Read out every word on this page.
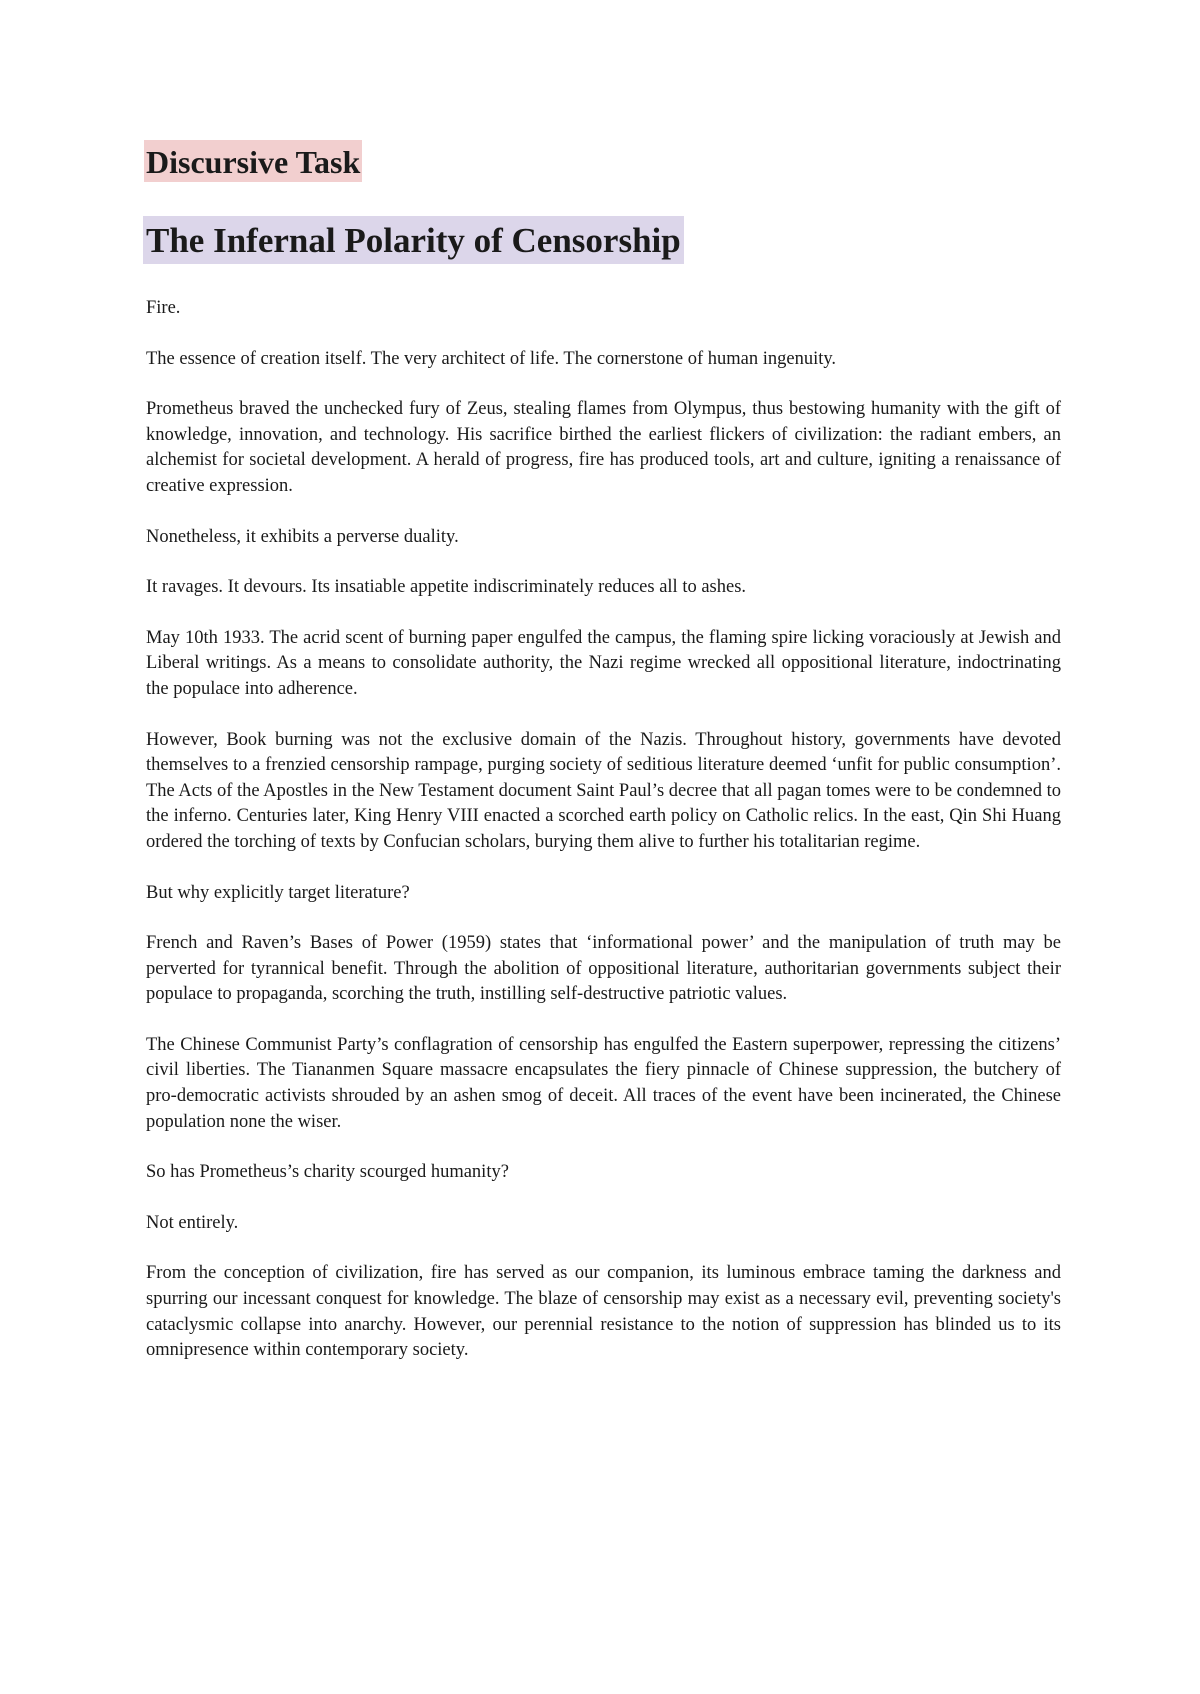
Discursive Task
The Infernal Polarity of Censorship

Fire.

The essence of creation itself. The very architect of life. The cornerstone of human ingenuity.

Prometheus braved the unchecked fury of Zeus, stealing flames from Olympus, thus bestowing humanity with the gift of knowledge, innovation, and technology. His sacrifice birthed the earliest flickers of civilization: the radiant embers, an alchemist for societal development. A herald of progress, fire has produced tools, art and culture, igniting a renaissance of creative expression.

Nonetheless, it exhibits a perverse duality.

It ravages. It devours. Its insatiable appetite indiscriminately reduces all to ashes.

May 10th 1933. The acrid scent of burning paper engulfed the campus, the flaming spire licking voraciously at Jewish and Liberal writings. As a means to consolidate authority, the Nazi regime wrecked all oppositional literature, indoctrinating the populace into adherence.

However, Book burning was not the exclusive domain of the Nazis. Throughout history, governments have devoted themselves to a frenzied censorship rampage, purging society of seditious literature deemed ‘unfit for public consumption’. The Acts of the Apostles in the New Testament document Saint Paul’s decree that all pagan tomes were to be condemned to the inferno. Centuries later, King Henry VIII enacted a scorched earth policy on Catholic relics. In the east, Qin Shi Huang ordered the torching of texts by Confucian scholars, burying them alive to further his totalitarian regime.

But why explicitly target literature?

French and Raven’s Bases of Power (1959) states that ‘informational power’ and the manipulation of truth may be perverted for tyrannical benefit. Through the abolition of oppositional literature, authoritarian governments subject their populace to propaganda, scorching the truth, instilling self-destructive patriotic values.

The Chinese Communist Party’s conflagration of censorship has engulfed the Eastern superpower, repressing the citizens’ civil liberties. The Tiananmen Square massacre encapsulates the fiery pinnacle of Chinese suppression, the butchery of pro-democratic activists shrouded by an ashen smog of deceit. All traces of the event have been incinerated, the Chinese population none the wiser.

So has Prometheus’s charity scourged humanity?

Not entirely.

From the conception of civilization, fire has served as our companion, its luminous embrace taming the darkness and spurring our incessant conquest for knowledge. The blaze of censorship may exist as a necessary evil, preventing society's cataclysmic collapse into anarchy. However, our perennial resistance to the notion of suppression has blinded us to its omnipresence within contemporary society.
